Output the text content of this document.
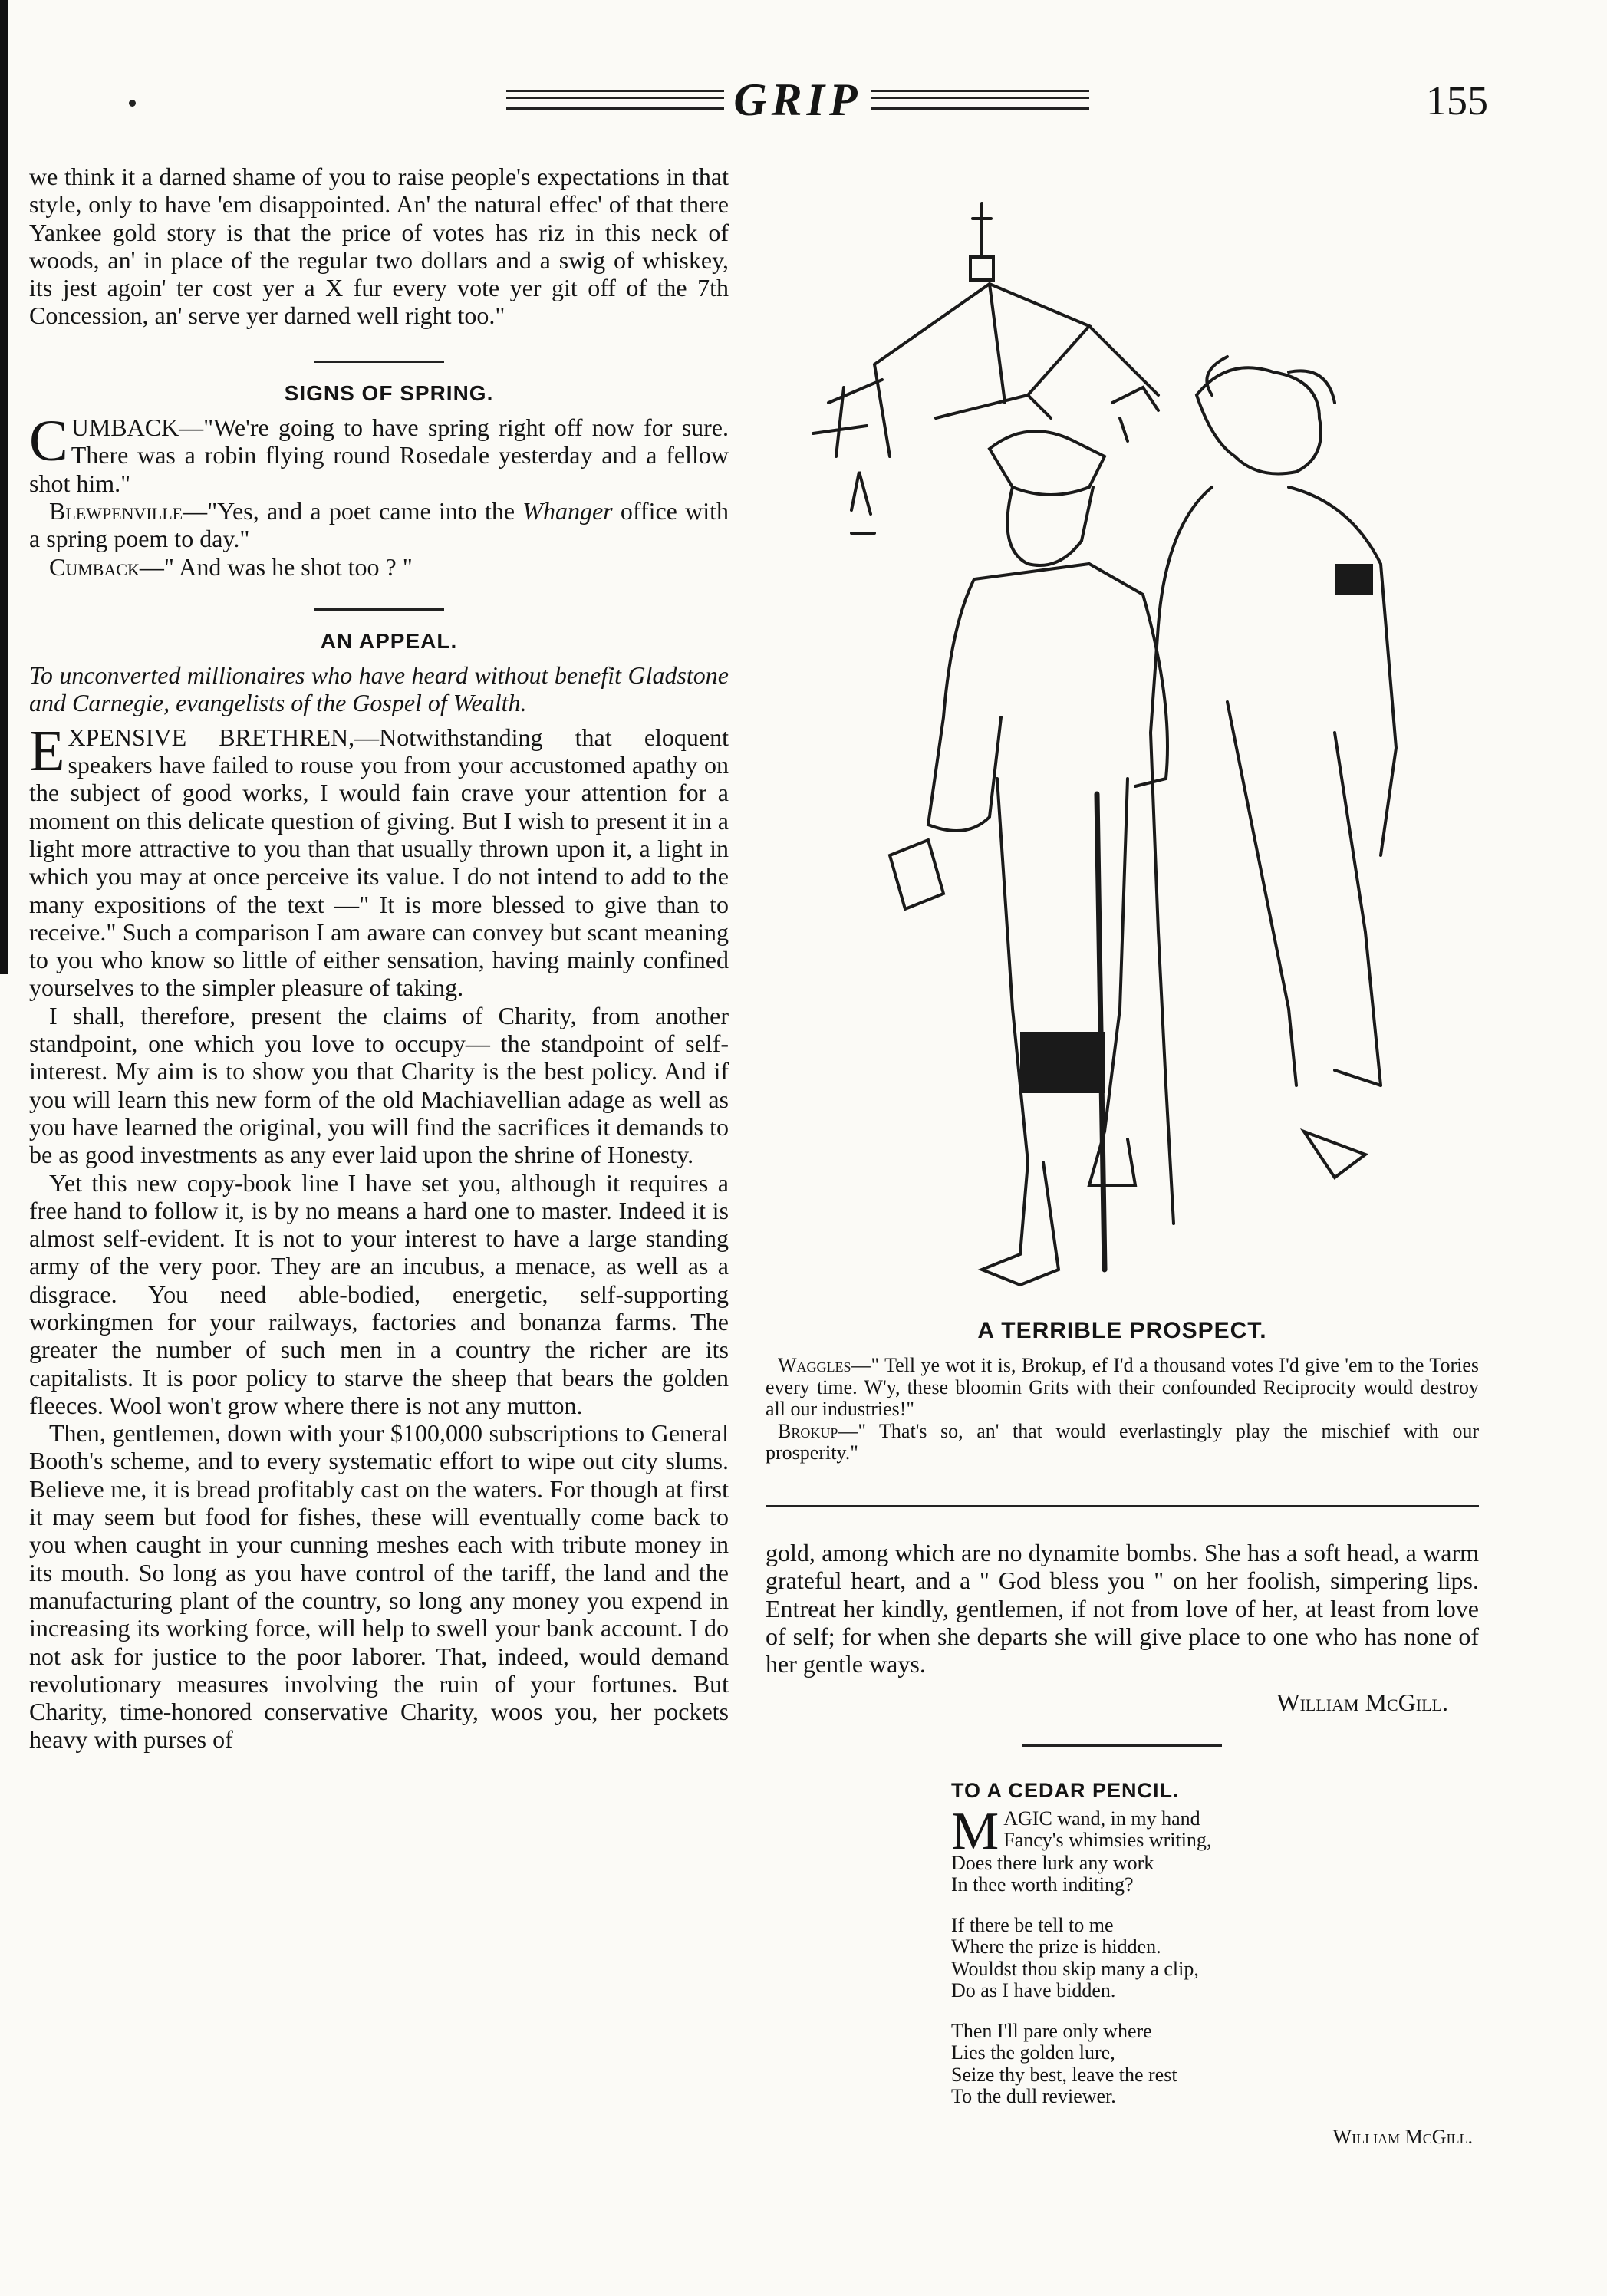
GRIP	155

we think it a darned shame of you to raise people's expectations in that style, only to have 'em disappointed. An' the natural effec' of that there Yankee gold story is that the price of votes has riz in this neck of woods, an' in place of the regular two dollars and a swig of whiskey, its jest agoin' ter cost yer a X fur every vote yer git off of the 7th Concession, an' serve yer darned well right too."

SIGNS OF SPRING.

CUMBACK—"We're going to have spring right off now for sure. There was a robin flying round Rosedale yesterday and a fellow shot him."

Blewpenville—"Yes, and a poet came into the Whanger office with a spring poem to day."

Cumback—" And was he shot too ? "

AN APPEAL.

To unconverted millionaires who have heard without benefit Gladstone and Carnegie, evangelists of the Gospel of Wealth.

EXPENSIVE BRETHREN,—Notwithstanding that eloquent speakers have failed to rouse you from your accustomed apathy on the subject of good works, I would fain crave your attention for a moment on this delicate question of giving. But I wish to present it in a light more attractive to you than that usually thrown upon it, a light in which you may at once perceive its value. I do not intend to add to the many expositions of the text —" It is more blessed to give than to receive." Such a comparison I am aware can convey but scant meaning to you who know so little of either sensation, having mainly confined yourselves to the simpler pleasure of taking.

I shall, therefore, present the claims of Charity, from another standpoint, one which you love to occupy— the standpoint of self-interest. My aim is to show you that Charity is the best policy. And if you will learn this new form of the old Machiavellian adage as well as you have learned the original, you will find the sacrifices it demands to be as good investments as any ever laid upon the shrine of Honesty.

Yet this new copy-book line I have set you, although it requires a free hand to follow it, is by no means a hard one to master. Indeed it is almost self-evident. It is not to your interest to have a large standing army of the very poor. They are an incubus, a menace, as well as a disgrace. You need able-bodied, energetic, self-supporting workingmen for your railways, factories and bonanza farms. The greater the number of such men in a country the richer are its capitalists. It is poor policy to starve the sheep that bears the golden fleeces. Wool won't grow where there is not any mutton.

Then, gentlemen, down with your $100,000 subscriptions to General Booth's scheme, and to every systematic effort to wipe out city slums. Believe me, it is bread profitably cast on the waters. For though at first it may seem but food for fishes, these will eventually come back to you when caught in your cunning meshes each with tribute money in its mouth. So long as you have control of the tariff, the land and the manufacturing plant of the country, so long any money you expend in increasing its working force, will help to swell your bank account. I do not ask for justice to the poor laborer. That, indeed, would demand revolutionary measures involving the ruin of your fortunes. But Charity, time-honored conservative Charity, woos you, her pockets heavy with purses of

A TERRIBLE PROSPECT.

Waggles—" Tell ye wot it is, Brokup, ef I'd a thousand votes I'd give 'em to the Tories every time. W'y, these bloomin Grits with their confounded Reciprocity would destroy all our industries!"

Brokup—" That's so, an' that would everlastingly play the mischief with our prosperity."

gold, among which are no dynamite bombs. She has a soft head, a warm grateful heart, and a " God bless you " on her foolish, simpering lips. Entreat her kindly, gentlemen, if not from love of her, at least from love of self; for when she departs she will give place to one who has none of her gentle ways.

William McGill.

TO A CEDAR PENCIL.

M AGIC wand, in my hand
Fancy's whimsies writing,
Does there lurk any work
In thee worth inditing?
If there be tell to me
Where the prize is hidden.
Wouldst thou skip many a clip,
Do as I have bidden.
Then I'll pare only where
Lies the golden lure,
Seize thy best, leave the rest
To the dull reviewer.

William McGill.
